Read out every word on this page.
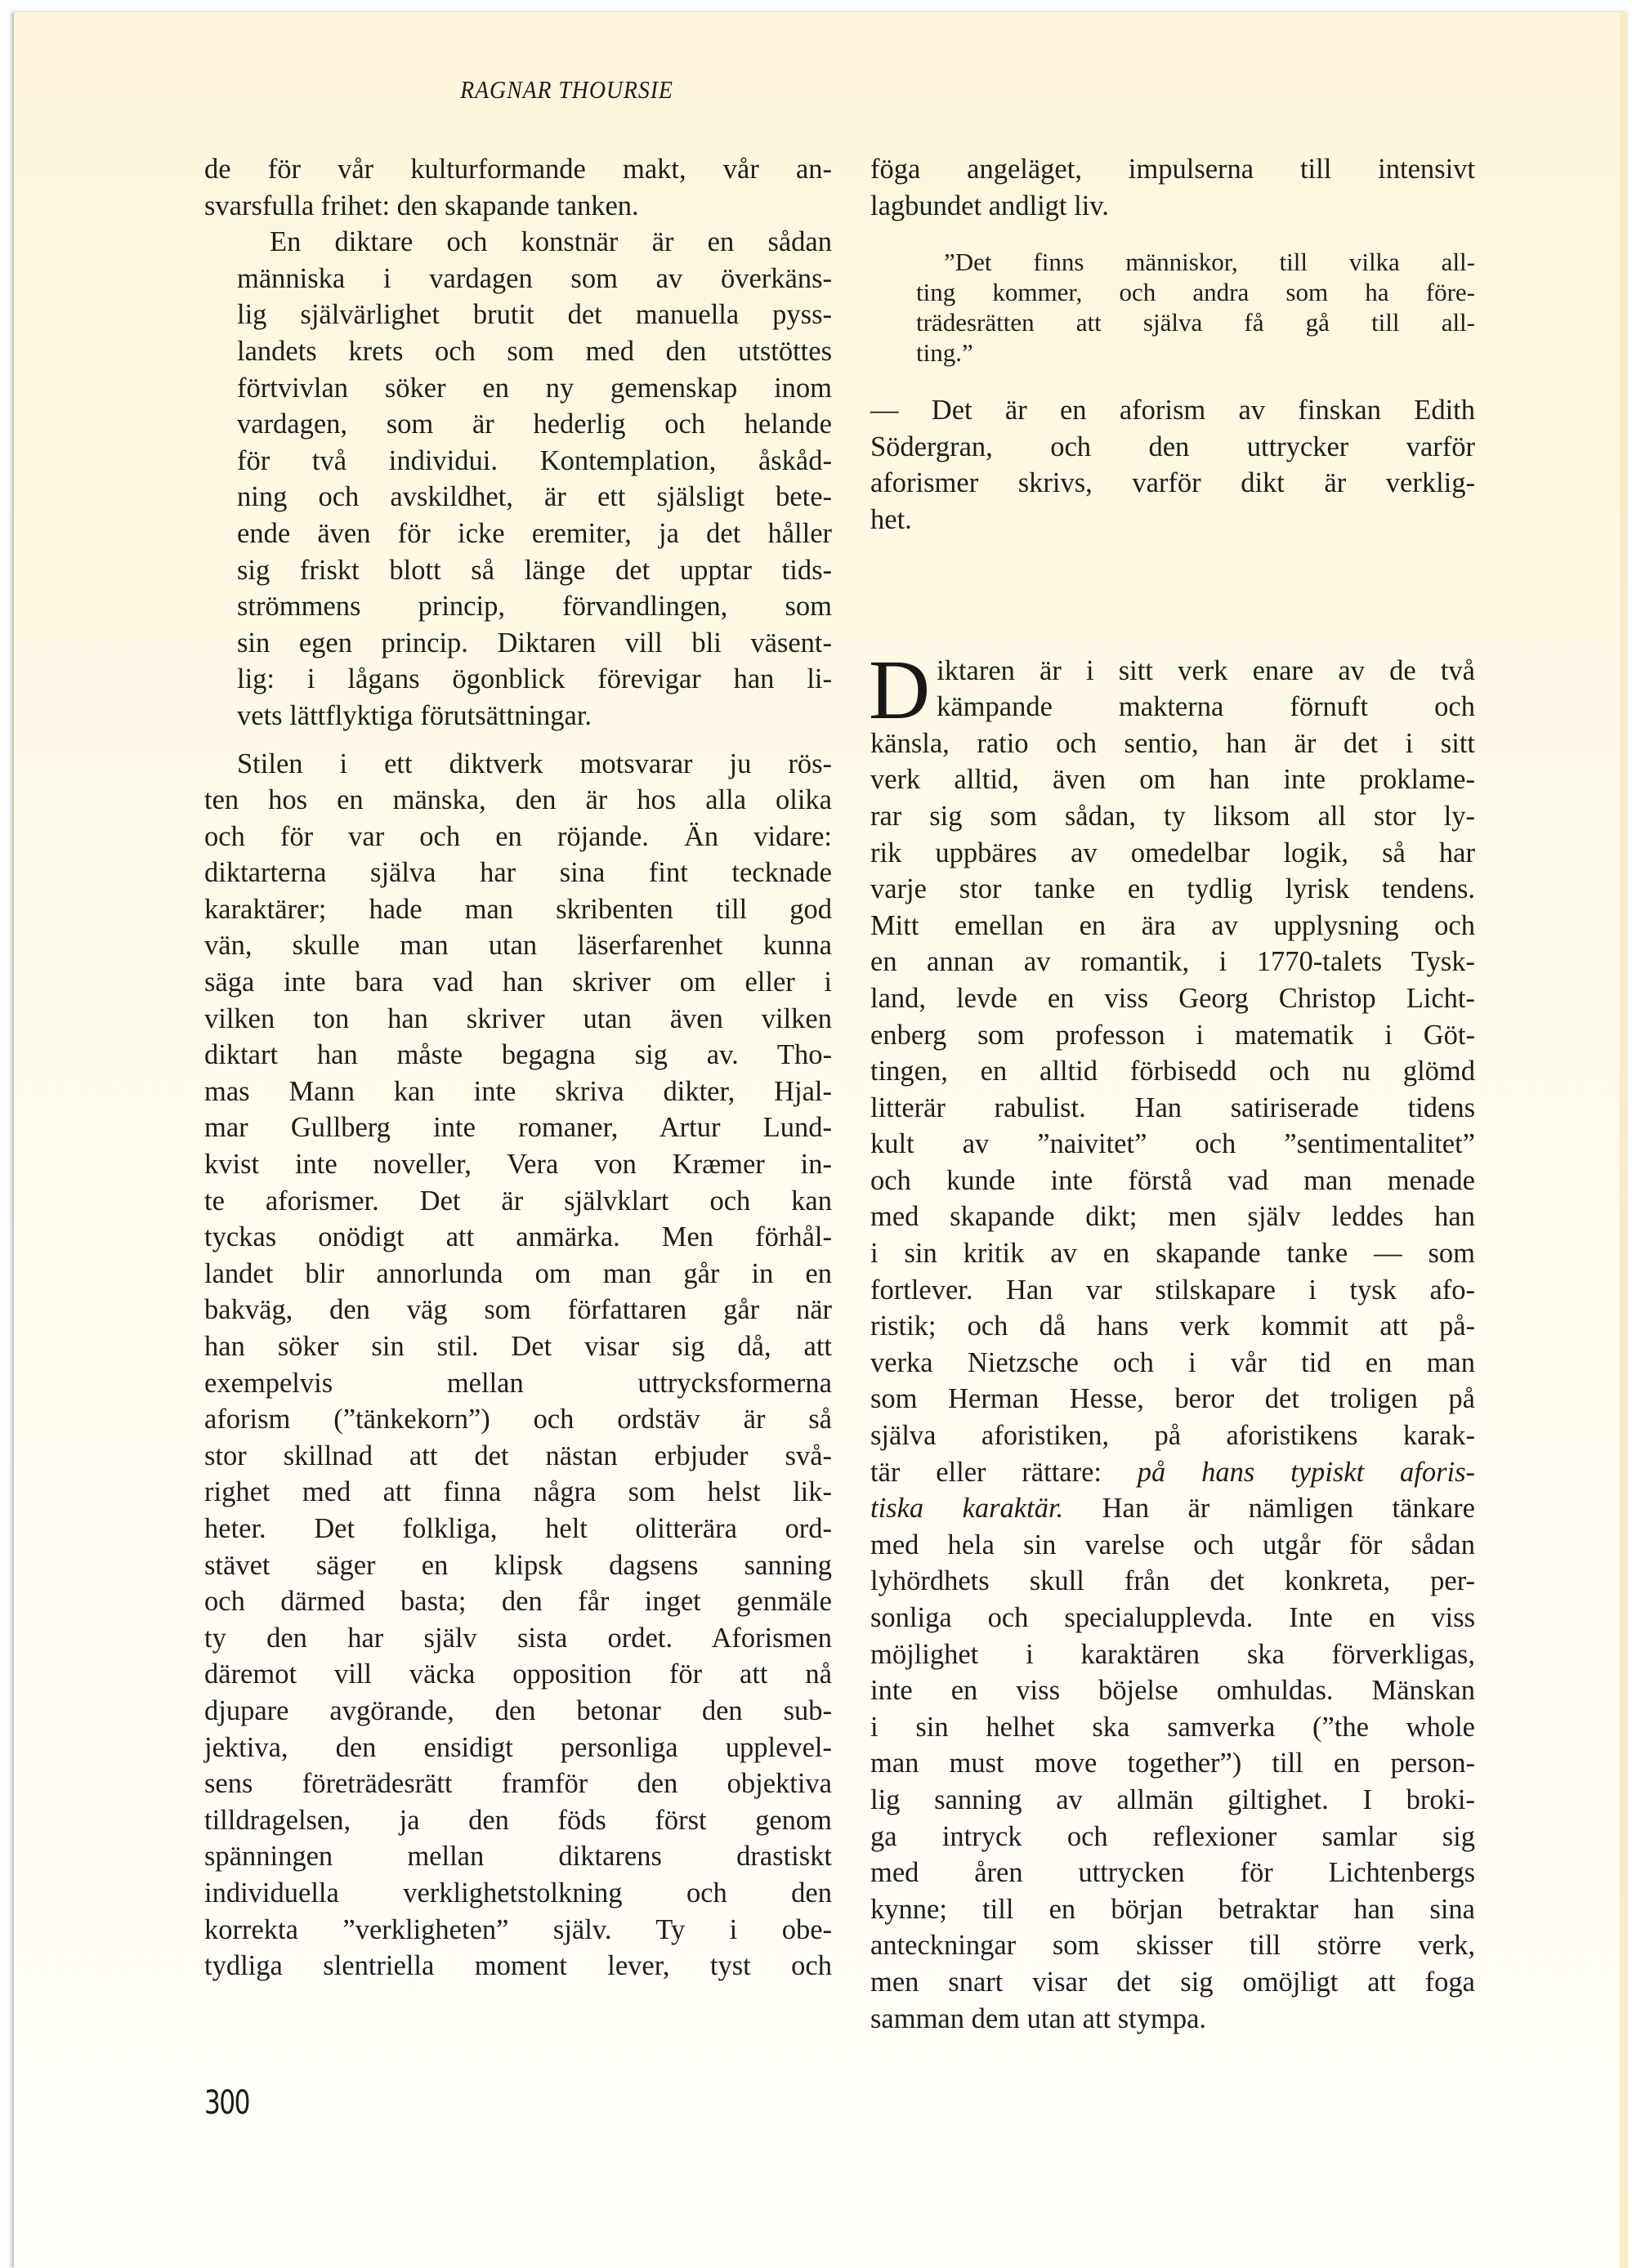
RAGNAR THOURSIE

de för vår kulturformande makt, vår an-
svarsfulla frihet: den skapande tanken.

En diktare och konstnär är en sådan
människa i vardagen som av överkäns-
lig självärlighet brutit det manuella pyss-
landets krets och som med den utstöttes
förtvivlan söker en ny gemenskap inom
vardagen, som är hederlig och helande
för två individui. Kontemplation, åskåd-
ning och avskildhet, är ett själsligt bete-
ende även för icke eremiter, ja det håller
sig friskt blott så länge det upptar tids-
strömmens princip, förvandlingen, som
sin egen princip. Diktaren vill bli väsent-
lig: i lågans ögonblick förevigar han li-
vets lättflyktiga förutsättningar.

Stilen i ett diktverk motsvarar ju rös-
ten hos en mänska, den är hos alla olika
och för var och en röjande. Än vidare:
diktarterna själva har sina fint tecknade
karaktärer; hade man skribenten till god
vän, skulle man utan läserfarenhet kunna
säga inte bara vad han skriver om eller i
vilken ton han skriver utan även vilken
diktart han måste begagna sig av. Tho-
mas Mann kan inte skriva dikter, Hjal-
mar Gullberg inte romaner, Artur Lund-
kvist inte noveller, Vera von Kræmer in-
te aforismer. Det är självklart och kan
tyckas onödigt att anmärka. Men förhål-
landet blir annorlunda om man går in en
bakväg, den väg som författaren går när
han söker sin stil. Det visar sig då, att
exempelvis mellan uttrycksformerna
aforism (”tänkekorn”) och ordstäv är så
stor skillnad att det nästan erbjuder svå-
righet med att finna några som helst lik-
heter. Det folkliga, helt olitterära ord-
stävet säger en klipsk dagsens sanning
och därmed basta; den får inget genmäle
ty den har själv sista ordet. Aforismen
däremot vill väcka opposition för att nå
djupare avgörande, den betonar den sub-
jektiva, den ensidigt personliga upplevel-
sens företrädesrätt framför den objektiva
tilldragelsen, ja den föds först genom
spänningen mellan diktarens drastiskt
individuella verklighetstolkning och den
korrekta ”verkligheten” själv. Ty i obe-
tydliga slentriella moment lever, tyst och

föga angeläget, impulserna till intensivt
lagbundet andligt liv.

”Det finns människor, till vilka all-
ting kommer, och andra som ha före-
trädesrätten att själva få gå till all-
ting.”

— Det är en aforism av finskan Edith
Södergran, och den uttrycker varför
aforismer skrivs, varför dikt är verklig-
het.

D iktaren är i sitt verk enare av de två
kämpande makterna förnuft och
känsla, ratio och sentio, han är det i sitt
verk alltid, även om han inte proklame-
rar sig som sådan, ty liksom all stor ly-
rik uppbäres av omedelbar logik, så har
varje stor tanke en tydlig lyrisk tendens.
Mitt emellan en ära av upplysning och
en annan av romantik, i 1770-talets Tysk-
land, levde en viss Georg Christop Licht-
enberg som professon i matematik i Göt-
tingen, en alltid förbisedd och nu glömd
litterär rabulist. Han satiriserade tidens
kult av ”naivitet” och ”sentimentalitet”
och kunde inte förstå vad man menade
med skapande dikt; men själv leddes han
i sin kritik av en skapande tanke — som
fortlever. Han var stilskapare i tysk afo-
ristik; och då hans verk kommit att på-
verka Nietzsche och i vår tid en man
som Herman Hesse, beror det troligen på
själva aforistiken, på aforistikens karak-
tär eller rättare: på hans typiskt aforis-
tiska karaktär. Han är nämligen tänkare
med hela sin varelse och utgår för sådan
lyhördhets skull från det konkreta, per-
sonliga och specialupplevda. Inte en viss
möjlighet i karaktären ska förverkligas,
inte en viss böjelse omhuldas. Mänskan
i sin helhet ska samverka (”the whole
man must move together”) till en person-
lig sanning av allmän giltighet. I broki-
ga intryck och reflexioner samlar sig
med åren uttrycken för Lichtenbergs
kynne; till en början betraktar han sina
anteckningar som skisser till större verk,
men snart visar det sig omöjligt att foga
samman dem utan att stympa.

300
